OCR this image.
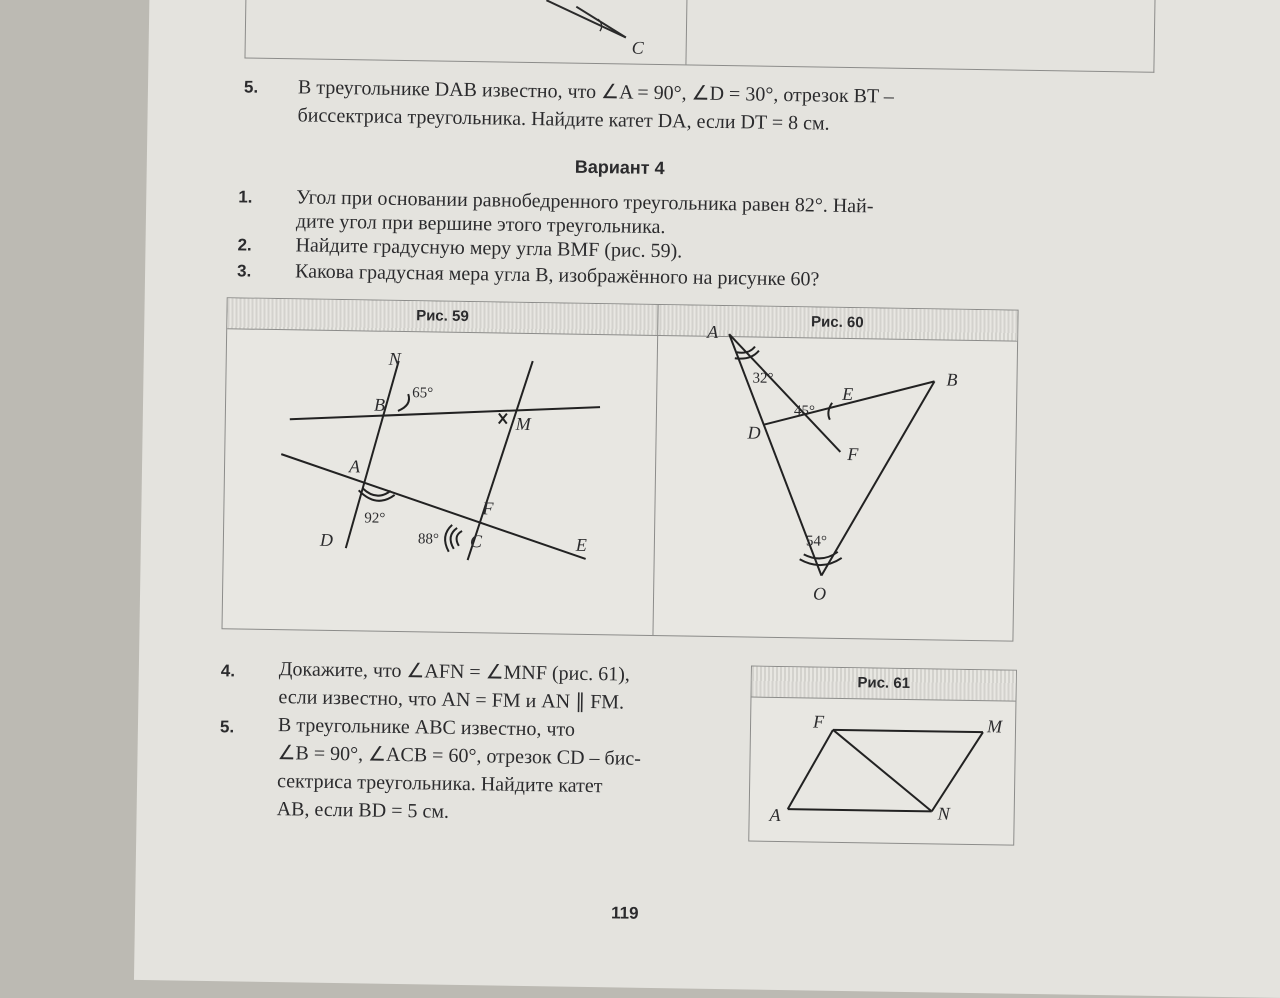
C
5. В треугольнике DAB известно, что ∠A = 90°, ∠D = 30°, отрезок BT –
биссектриса треугольника. Найдите катет DA, если DT = 8 см.
Вариант 4
1. Угол при основании равнобедренного треугольника равен 82°. Най-
дите угол при вершине этого треугольника.
2. Найдите градусную меру угла BMF (рис. 59).
3. Какова градусная мера угла B, изображённого на рисунке 60?
Рис. 59	Рис. 60
N
B
65°
M
A
92°
D
F
88° C	E
A
32°
E
45°
B
D
F
54°
O
4. Докажите, что ∠AFN = ∠MNF (рис. 61),
если известно, что AN = FM и AN ∥ FM.
5. В треугольнике ABC известно, что
∠B = 90°, ∠ACB = 60°, отрезок CD – бис-
сектриса треугольника. Найдите катет
AB, если BD = 5 см.
Рис. 61
F	M
A	N
119
